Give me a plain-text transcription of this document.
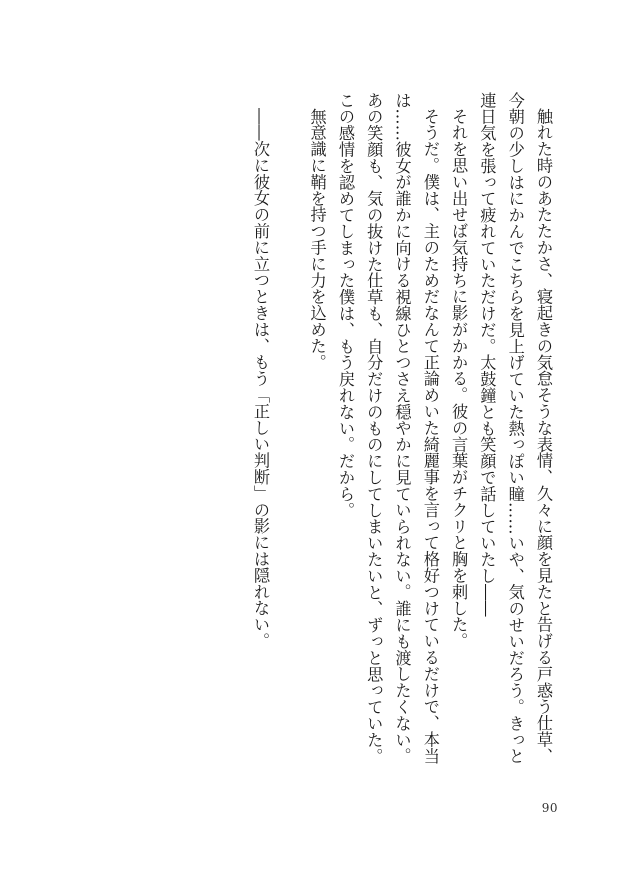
触れた時のあたたかさ、寝起きの気怠そうな表情、久々に顔を見たと告げる戸惑う仕草、今朝の少しはにかんでこちらを見上げていた熱っぽい瞳……いや、気のせいだろう。きっと連日気を張って疲れていただけだ。太鼓鐘とも笑顔で話していたし――

それを思い出せば気持ちに影がかかる。彼の言葉がチクリと胸を刺した。

そうだ。僕は、主のためだなんて正論めいた綺麗事を言って格好つけているだけで、本当は……彼女が誰かに向ける視線ひとつさえ穏やかに見ていられない。誰にも渡したくない。あの笑顔も、気の抜けた仕草も、自分だけのものにしてしまいたいと、ずっと思っていた。この感情を認めてしまった僕は、もう戻れない。だから。

無意識に鞘を持つ手に力を込めた。

――次に彼女の前に立つときは、もう「正しい判断」の影には隠れない。

90
